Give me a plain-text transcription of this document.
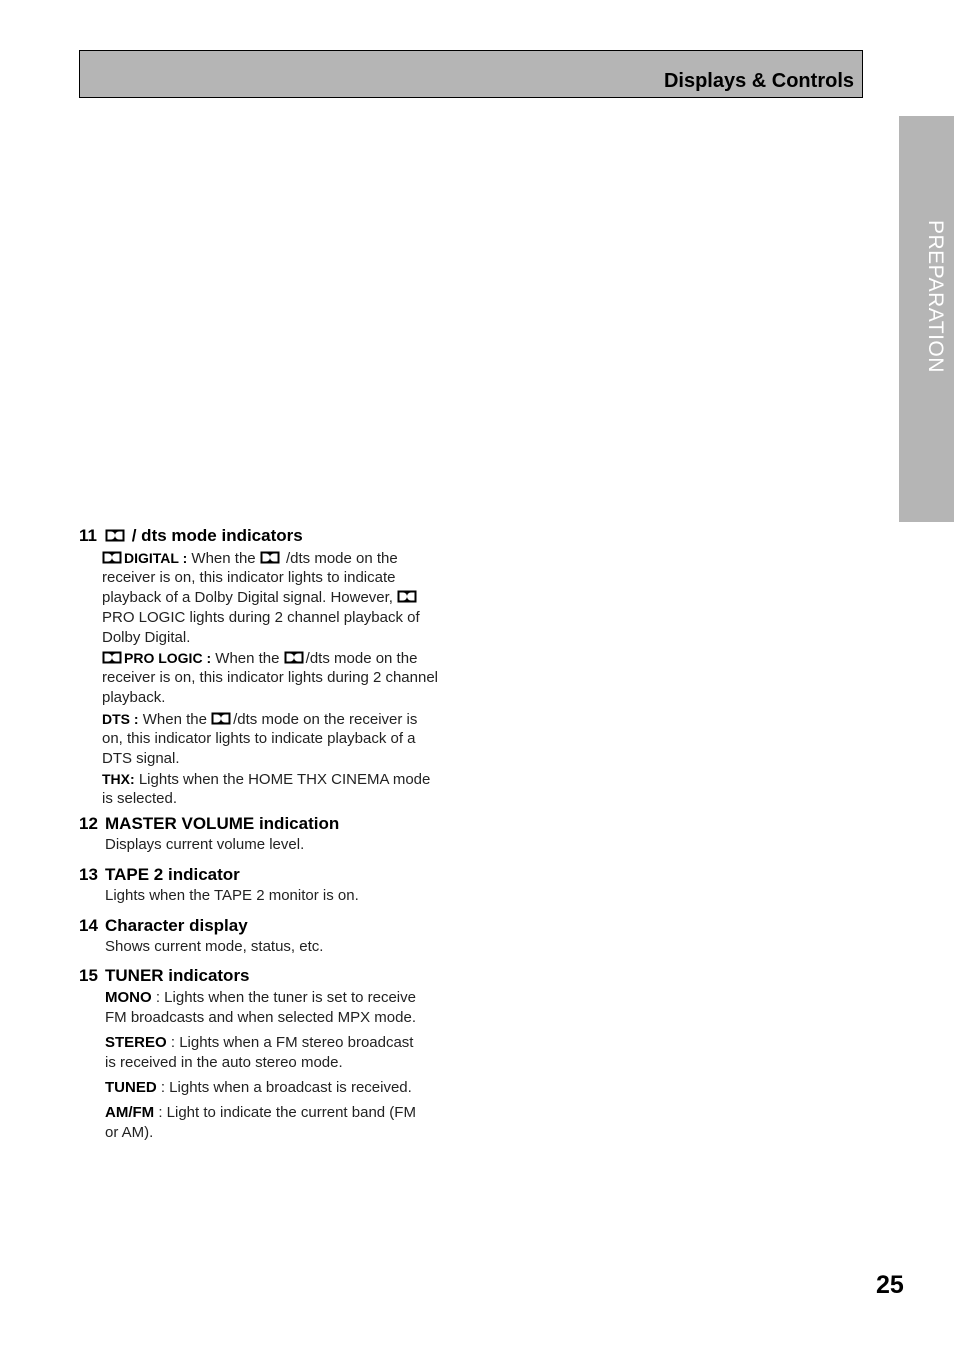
Displays & Controls
PREPARATION
11 / dts mode indicators
DIGITAL : When the
/dts mode on the
receiver is on, this indicator lights to indicate
playback of a Dolby Digital signal. However,
PRO LOGIC lights during 2 channel playback of
Dolby Digital.
PRO LOGIC : When the
/dts mode on the
receiver is on, this indicator lights during 2 channel
playback.
DTS : When the
/dts mode on the receiver is
on, this indicator lights to indicate playback of a
DTS signal.
THX: Lights when the HOME THX CINEMA mode
is selected.
12 MASTER VOLUME indication
Displays current volume level.
13 TAPE 2 indicator
Lights when the TAPE 2 monitor is on.
14 Character display
Shows current mode, status, etc.
15 TUNER indicators
MONO : Lights when the tuner is set to receive
FM broadcasts and when selected MPX mode.
STEREO : Lights when a FM stereo broadcast
is received in the auto stereo mode.
TUNED : Lights when a broadcast is received.
AM/FM : Light to indicate the current band (FM
or AM).
25
